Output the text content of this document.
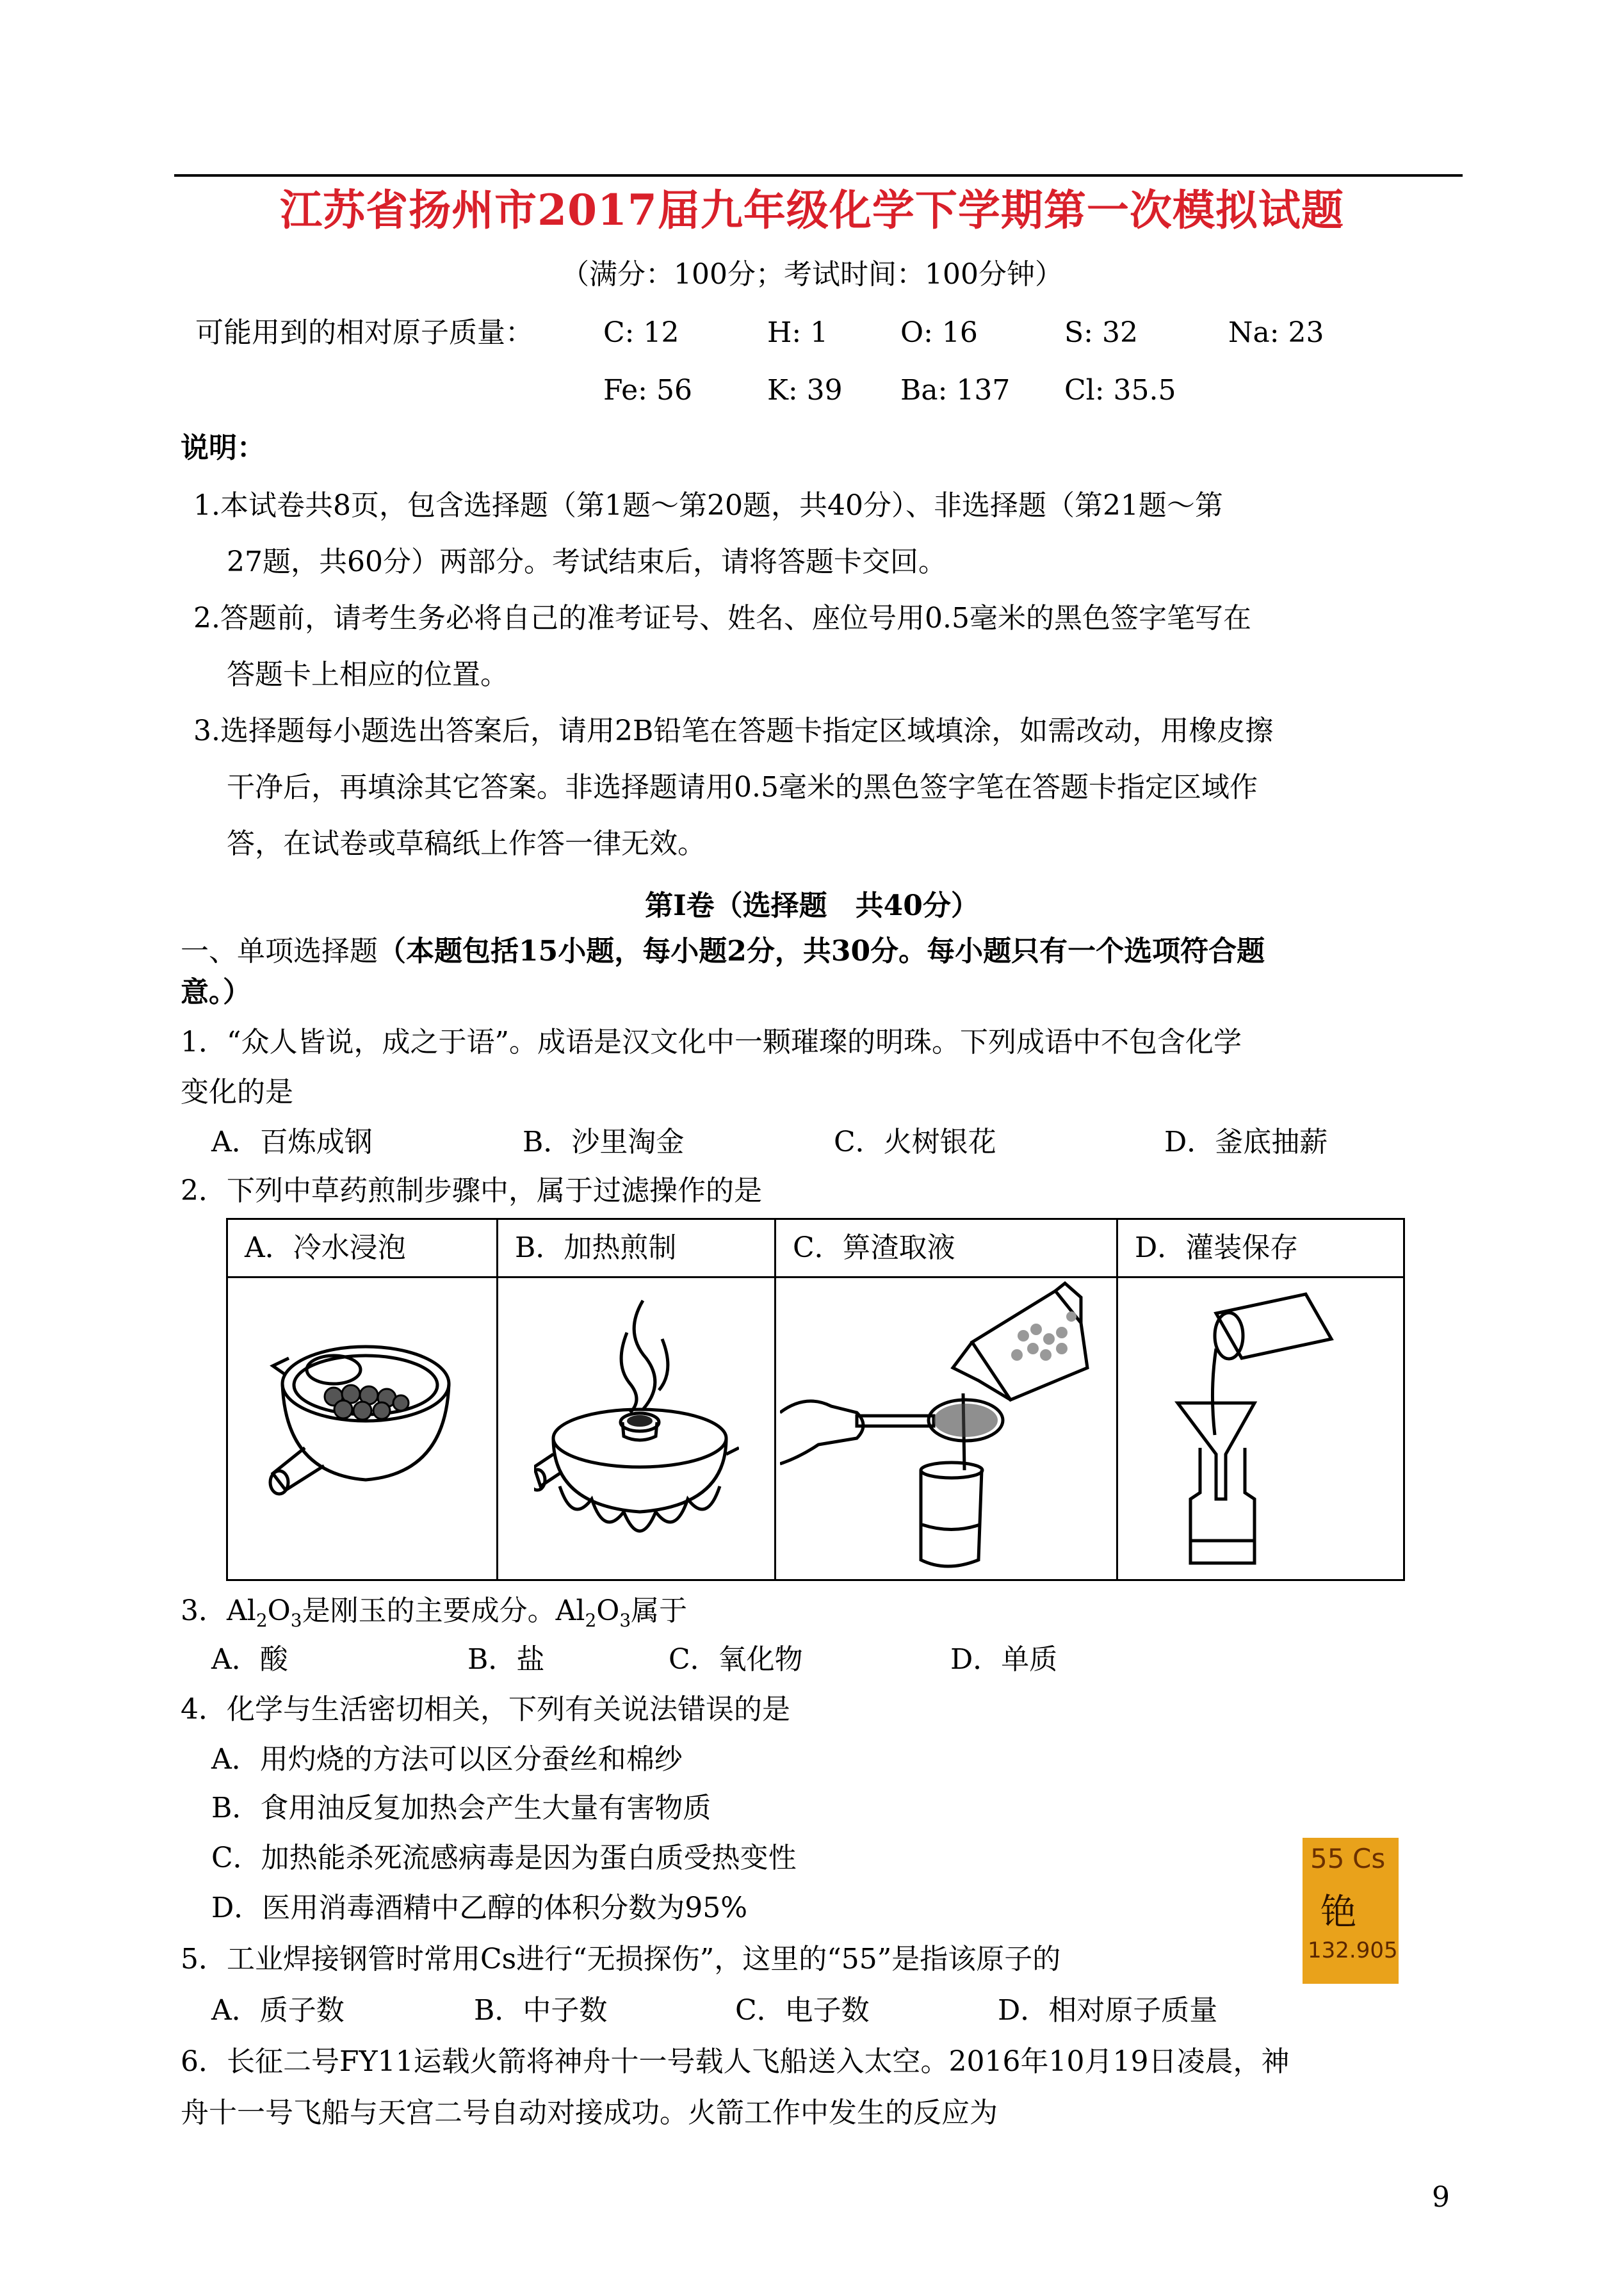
江苏省扬州市2017届九年级化学下学期第一次模拟试题
（满分：100分；考试时间：100分钟）
可能用到的相对原子质量： C: 12	H: 1	O: 16	S: 32	Na: 23
Fe: 56	K: 39 Ba: 137 Cl: 35.5
说明：
1.本试卷共8页，包含选择题（第1题～第20题，共40分）、非选择题（第21题～第
27题，共60分）两部分。考试结束后，请将答题卡交回。
2.答题前，请考生务必将自己的准考证号、姓名、座位号用0.5毫米的黑色签字笔写在
答题卡上相应的位置。
3.选择题每小题选出答案后，请用2B铅笔在答题卡指定区域填涂，如需改动，用橡皮擦
干净后，再填涂其它答案。非选择题请用0.5毫米的黑色签字笔在答题卡指定区域作
答，在试卷或草稿纸上作答一律无效。
第Ⅰ卷（选择题　共40分）
一、单项选择题（本题包括15小题，每小题2分，共30分。每小题只有一个选项符合题
意。）
1．“众人皆说，成之于语”。成语是汉文化中一颗璀璨的明珠。下列成语中不包含化学
变化的是
A．百炼成钢	B．沙里淘金	C．火树银花	D．釜底抽薪
2．下列中草药煎制步骤中，属于过滤操作的是
A．冷水浸泡	B．加热煎制	C．箅渣取液	D．灌装保存

3．$Al_2O_3$是刚玉的主要成分。$Al_2O_3$属于
A．酸	B．盐	C．氧化物	D．单质
4．化学与生活密切相关，下列有关说法错误的是
A．用灼烧的方法可以区分蚕丝和棉纱
B．食用油反复加热会产生大量有害物质
C．加热能杀死流感病毒是因为蛋白质受热变性
D．医用消毒酒精中乙醇的体积分数为95%
55 Cs
铯
132.905
5．工业焊接钢管时常用Cs进行“无损探伤”，这里的“55”是指该原子的
A．质子数	B．中子数	C．电子数	D．相对原子质量
6．长征二号FY11运载火箭将神舟十一号载人飞船送入太空。2016年10月19日凌晨，神
舟十一号飞船与天宫二号自动对接成功。火箭工作中发生的反应为
9
